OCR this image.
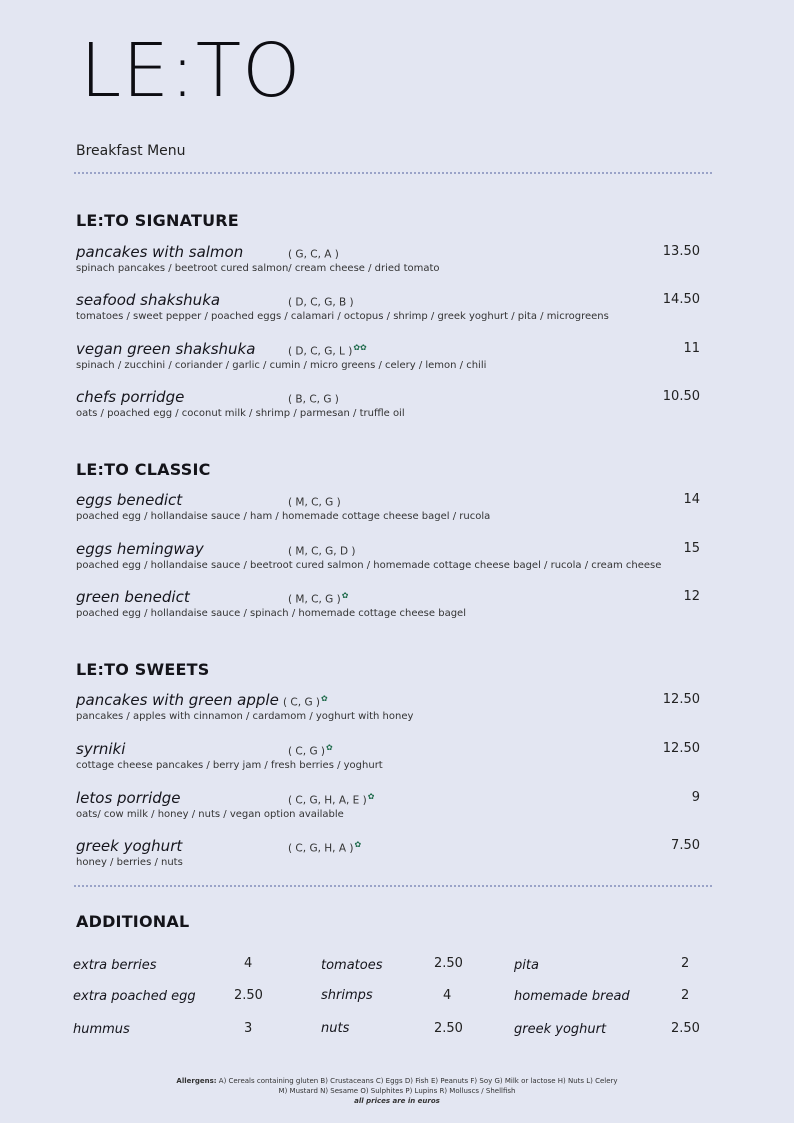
LE:TO
Breakfast Menu
LE:TO SIGNATURE
pancakes with salmon	( G, C, A )	13.50
spinach pancakes / beetroot cured salmon/ cream cheese / dried tomato
seafood shakshuka	( D, C, G, B )	14.50
tomatoes / sweet pepper / poached eggs / calamari / octopus / shrimp / greek yoghurt / pita / microgreens
vegan green shakshuka	( D, C, G, L )✿✿	11
spinach / zucchini / coriander / garlic / cumin / micro greens / celery / lemon / chili
chefs porridge	( B, C, G )	10.50
oats / poached egg / coconut milk / shrimp / parmesan / truffle oil
LE:TO CLASSIC
eggs benedict	( M, C, G )	14
poached egg / hollandaise sauce / ham / homemade cottage cheese bagel / rucola
eggs hemingway	( M, C, G, D )	15
poached egg / hollandaise sauce / beetroot cured salmon / homemade cottage cheese bagel / rucola / cream cheese
green benedict	( M, C, G )✿	12
poached egg / hollandaise sauce / spinach / homemade cottage cheese bagel
LE:TO SWEETS
pancakes with green apple ( C, G )✿	12.50
pancakes / apples with cinnamon / cardamom / yoghurt with honey
syrniki	( C, G )✿	12.50
cottage cheese pancakes / berry jam / fresh berries / yoghurt
letos porridge	( C, G, H, A, E )✿	9
oats/ cow milk / honey / nuts / vegan option available
greek yoghurt	( C, G, H, A )✿	7.50
honey / berries / nuts
ADDITIONAL
extra berries	4	tomatoes	2.50	pita	2
extra poached egg	2.50	shrimps	4	homemade bread	2
hummus	3	nuts	2.50	greek yoghurt	2.50
Allergens: A) Cereals containing gluten B) Crustaceans C) Eggs D) Fish E) Peanuts F) Soy G) Milk or lactose H) Nuts L) Celery
M) Mustard N) Sesame O) Sulphites P) Lupins R) Molluscs / Shellfish
all prices are in euros
